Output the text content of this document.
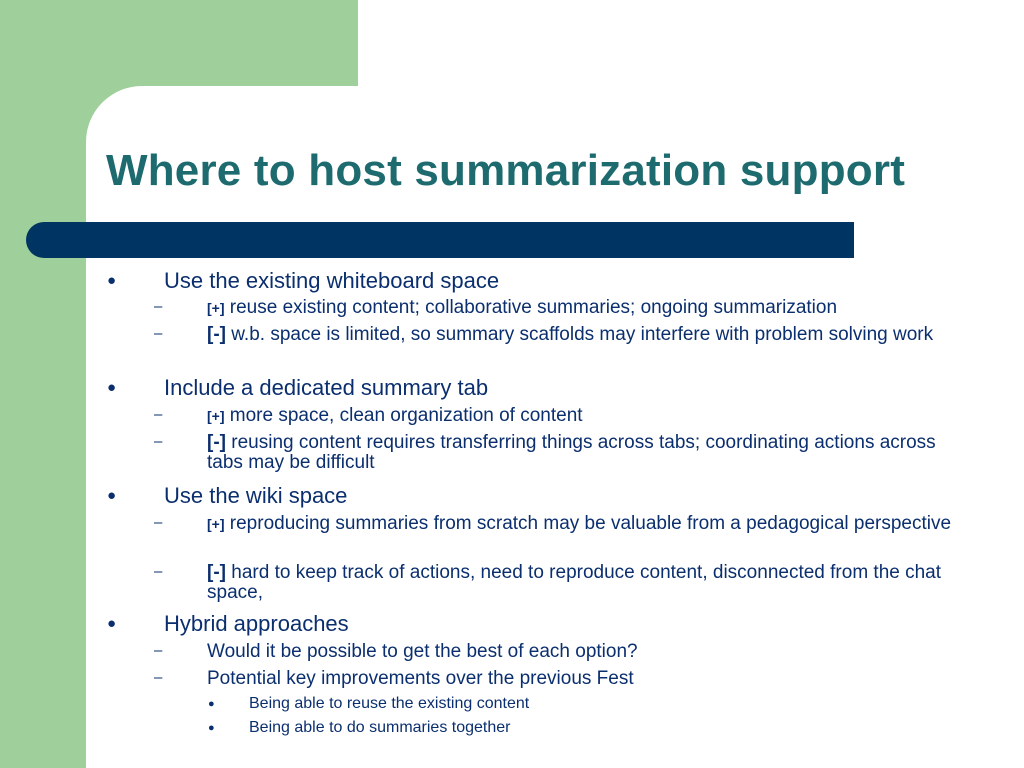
Where to host summarization support
● Use the existing whiteboard space
–	[+] reuse existing content; collaborative summaries; ongoing summarization
– [-] w.b. space is limited, so summary scaffolds may interfere with problem solving work
● Include a dedicated summary tab
–	[+] more space, clean organization of content
– [-] reusing content requires transferring things across tabs; coordinating actions across tabs may be difficult
● Use the wiki space
–	[+] reproducing summaries from scratch may be valuable from a pedagogical perspective
– [-] hard to keep track of actions, need to reproduce content, disconnected from the chat space,
● Hybrid approaches
– Would it be possible to get the best of each option?
– Potential key improvements over the previous Fest
● Being able to reuse the existing content
● Being able to do summaries together
